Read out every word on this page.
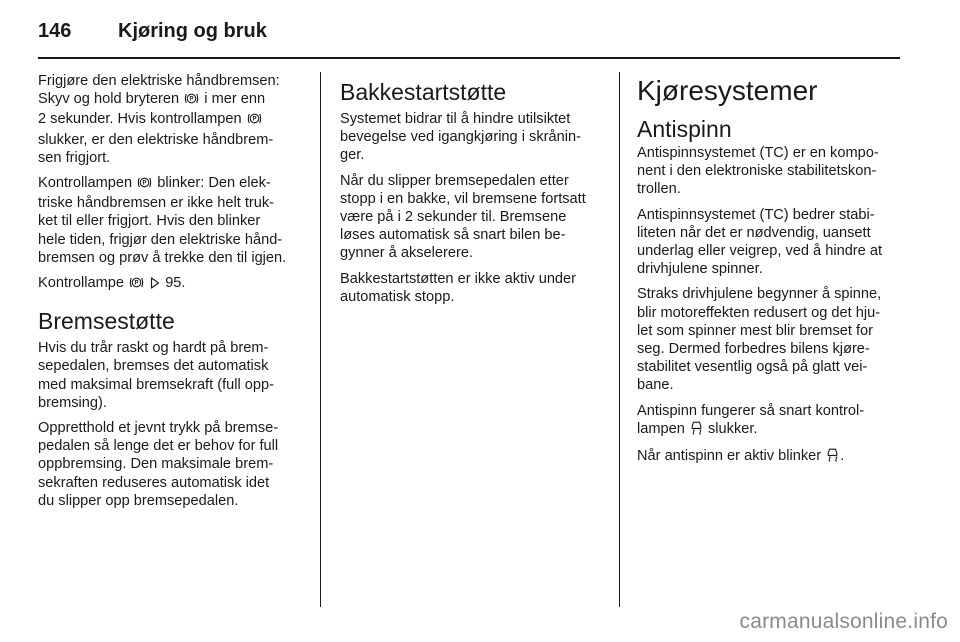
146 Kjøring og bruk

Frigjøre den elektriske håndbremsen:
Skyv og hold bryteren P i mer enn
2 sekunder. Hvis kontrollampen P
slukker, er den elektriske håndbrem-
sen frigjort.

Kontrollampen P blinker: Den elek-
triske håndbremsen er ikke helt truk-
ket til eller frigjort. Hvis den blinker
hele tiden, frigjør den elektriske hånd-
bremsen og prøv å trekke den til igjen.

Kontrollampe P 95.

Bremsestøtte

Hvis du trår raskt og hardt på brem-
sepedalen, bremses det automatisk
med maksimal bremsekraft (full opp-
bremsing).

Oppretthold et jevnt trykk på bremse-
pedalen så lenge det er behov for full
oppbremsing. Den maksimale brem-
sekraften reduseres automatisk idet
du slipper opp bremsepedalen.

Bakkestartstøtte

Systemet bidrar til å hindre utilsiktet
bevegelse ved igangkjøring i skrånin-
ger.

Når du slipper bremsepedalen etter
stopp i en bakke, vil bremsene fortsatt
være på i 2 sekunder til. Bremsene
løses automatisk så snart bilen be-
gynner å akselerere.

Bakkestartstøtten er ikke aktiv under
automatisk stopp.

Kjøresystemer
Antispinn

Antispinnsystemet (TC) er en kompo-
nent i den elektroniske stabilitetskon-
trollen.

Antispinnsystemet (TC) bedrer stabi-
liteten når det er nødvendig, uansett
underlag eller veigrep, ved å hindre at
drivhjulene spinner.

Straks drivhjulene begynner å spinne,
blir motoreffekten redusert og det hju-
let som spinner mest blir bremset for
seg. Dermed forbedres bilens kjøre-
stabilitet vesentlig også på glatt vei-
bane.

Antispinn fungerer så snart kontrol-
lampen slukker.

Når antispinn er aktiv blinker .

carmanualsonline.info
